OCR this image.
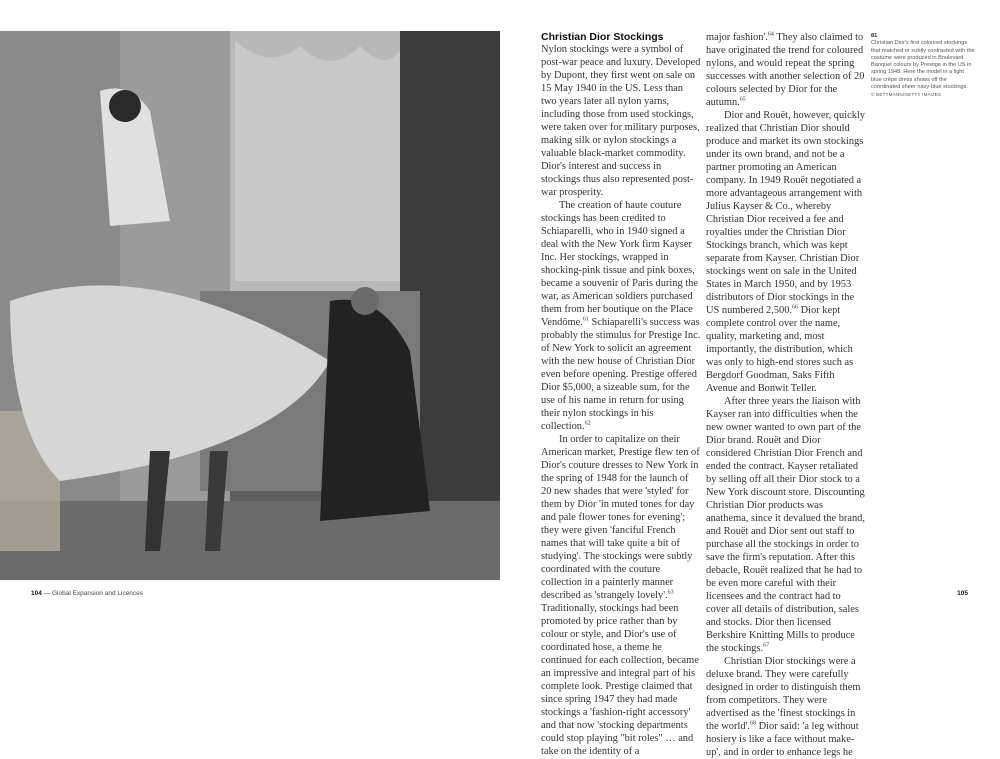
Christian Dior Stockings

Nylon stockings were a symbol of post-war peace and luxury. Developed by Dupont, they first went on sale on 15 May 1940 in the US. Less than two years later all nylon yarns, including those from used stockings, were taken over for military purposes, making silk or nylon stockings a valuable black-market commodity. Dior's interest and success in stockings thus also represented post-war prosperity.

The creation of haute couture stockings has been credited to Schiaparelli, who in 1940 signed a deal with the New York firm Kayser Inc. Her stockings, wrapped in shocking-pink tissue and pink boxes, became a souvenir of Paris during the war, as American soldiers purchased them from her boutique on the Place Vendôme.$^{61}$ Schiaparelli's success was probably the stimulus for Prestige Inc. of New York to solicit an agreement with the new house of Christian Dior even before opening. Prestige offered Dior $5,000, a sizeable sum, for the use of his name in return for using their nylon stockings in his collection.$^{62}$

In order to capitalize on their American market, Prestige flew ten of Dior's couture dresses to New York in the spring of 1948 for the launch of 20 new shades that were 'styled' for them by Dior 'in muted tones for day and pale flower tones for evening'; they were given 'fanciful French names that will take quite a bit of studying'. The stockings were subtly coordinated with the couture collection in a painterly manner described as 'strangely lovely'.$^{63}$ Traditionally, stockings had been promoted by price rather than by colour or style, and Dior's use of coordinated hose, a theme he continued for each collection, became an impressive and integral part of his complete look. Prestige claimed that since spring 1947 they had made stockings a 'fashion-right accessory' and that now 'stocking departments could stop playing "bit roles" … and take on the identity of a

major fashion'.$^{64}$ They also claimed to have originated the trend for coloured nylons, and would repeat the spring successes with another selection of 20 colours selected by Dior for the autumn.$^{65}$

Dior and Rouët, however, quickly realized that Christian Dior should produce and market its own stockings under its own brand, and not be a partner promoting an American company. In 1949 Rouët negotiated a more advantageous arrangement with Julius Kayser & Co., whereby Christian Dior received a fee and royalties under the Christian Dior Stockings branch, which was kept separate from Kayser. Christian Dior stockings went on sale in the United States in March 1950, and by 1953 distributors of Dior stockings in the US numbered 2,500.66 Dior kept complete control over the name, quality, marketing and, most importantly, the distribution, which was only to high-end stores such as Bergdorf Goodman, Saks Fifth Avenue and Bonwit Teller.

After three years the liaison with Kayser ran into difficulties when the new owner wanted to own part of the Dior brand. Rouët and Dior considered Christian Dior French and ended the contract. Kayser retaliated by selling off all their Dior stock to a New York discount store. Discounting Christian Dior products was anathema, since it devalued the brand, and Rouët and Dior sent out staff to purchase all the stockings in order to save the firm's reputation. After this debacle, Rouët realized that he had to be even more careful with their licensees and the contract had to cover all details of distribution, sales and stocks. Dior then licensed Berkshire Knitting Mills to produce the stockings.$^{67}$

Christian Dior stockings were a deluxe brand. They were carefully designed in order to distinguish them from competitors. They were advertised as the 'finest stockings in the world'.$^{68}$ Dior said: 'a leg without hosiery is like a face without make-up', and in order to enhance legs he

81
Christian Dior's first coloured stockings that matched or subtly contrasted with the costume were produced in Boulevard Banquet colours by Prestige in the US in spring 1948. Here the model in a light blue crêpe dress shows off the coordinated sheer navy-blue stockings.
© BETTMANN/GETTY IMAGES
104 — Global Expansion and Licences	105
